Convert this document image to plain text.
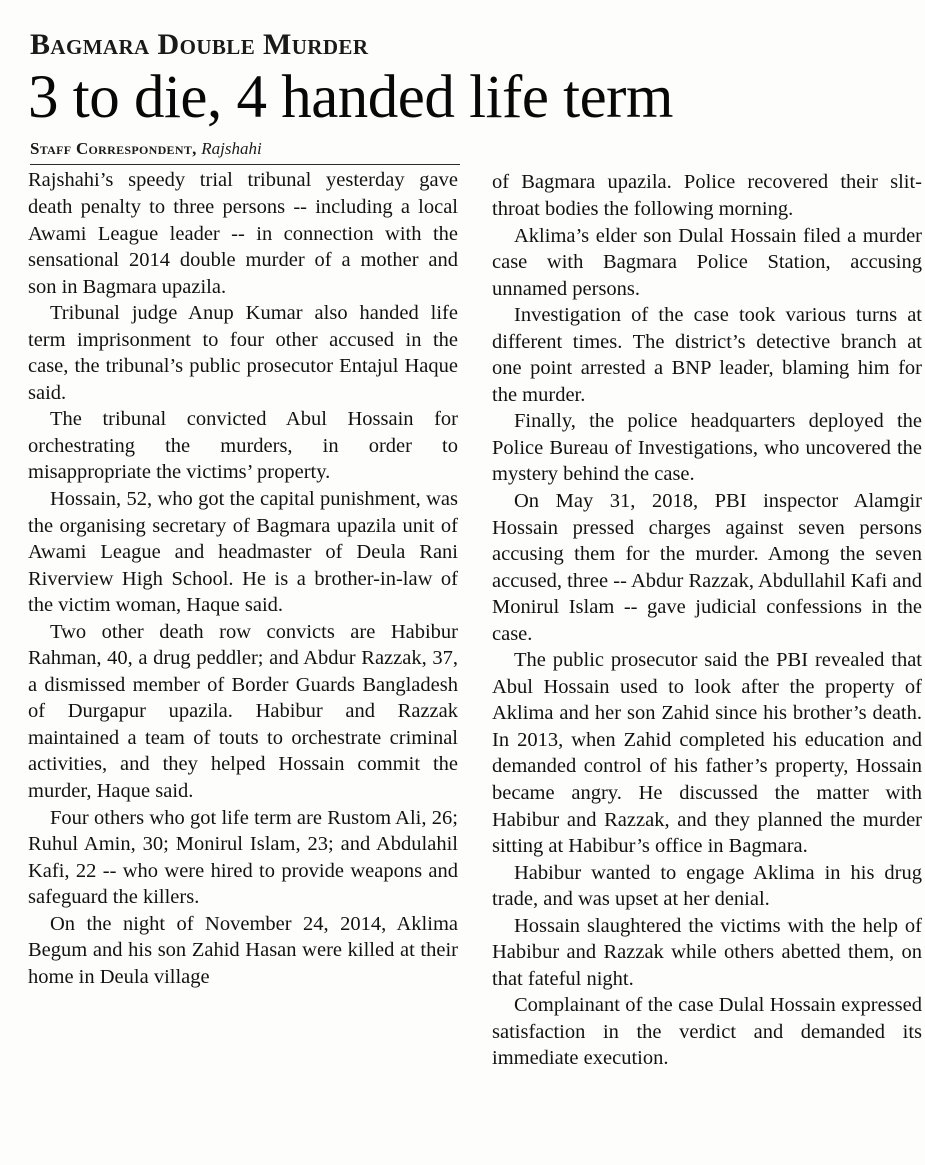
Bagmara Double Murder
3 to die, 4 handed life term
Staff Correspondent, Rajshahi

Rajshahi’s speedy trial tribunal yesterday gave death penalty to three persons -- including a local Awami League leader -- in connection with the sensational 2014 double murder of a mother and son in Bagmara upazila.

Tribunal judge Anup Kumar also handed life term imprisonment to four other accused in the case, the tribunal’s public prosecutor Entajul Haque said.

The tribunal convicted Abul Hossain for orchestrating the murders, in order to misappropriate the victims’ property.

Hossain, 52, who got the capital punishment, was the organising secretary of Bagmara upazila unit of Awami League and headmaster of Deula Rani Riverview High School. He is a brother-in-law of the victim woman, Haque said.

Two other death row convicts are Habibur Rahman, 40, a drug peddler; and Abdur Razzak, 37, a dismissed member of Border Guards Bangladesh of Durgapur upazila. Habibur and Razzak maintained a team of touts to orchestrate criminal activities, and they helped Hossain commit the murder, Haque said.

Four others who got life term are Rustom Ali, 26; Ruhul Amin, 30; Monirul Islam, 23; and Abdulahil Kafi, 22 -- who were hired to provide weapons and safeguard the killers.

On the night of November 24, 2014, Aklima Begum and his son Zahid Hasan were killed at their home in Deula village

of Bagmara upazila. Police recovered their slit-throat bodies the following morning.

Aklima’s elder son Dulal Hossain filed a murder case with Bagmara Police Station, accusing unnamed persons.

Investigation of the case took various turns at different times. The district’s detective branch at one point arrested a BNP leader, blaming him for the murder.

Finally, the police headquarters deployed the Police Bureau of Investigations, who uncovered the mystery behind the case.

On May 31, 2018, PBI inspector Alamgir Hossain pressed charges against seven persons accusing them for the murder. Among the seven accused, three -- Abdur Razzak, Abdullahil Kafi and Monirul Islam -- gave judicial confessions in the case.

The public prosecutor said the PBI revealed that Abul Hossain used to look after the property of Aklima and her son Zahid since his brother’s death. In 2013, when Zahid completed his education and demanded control of his father’s property, Hossain became angry. He discussed the matter with Habibur and Razzak, and they planned the murder sitting at Habibur’s office in Bagmara.

Habibur wanted to engage Aklima in his drug trade, and was upset at her denial.

Hossain slaughtered the victims with the help of Habibur and Razzak while others abetted them, on that fateful night.

Complainant of the case Dulal Hossain expressed satisfaction in the verdict and demanded its immediate execution.
